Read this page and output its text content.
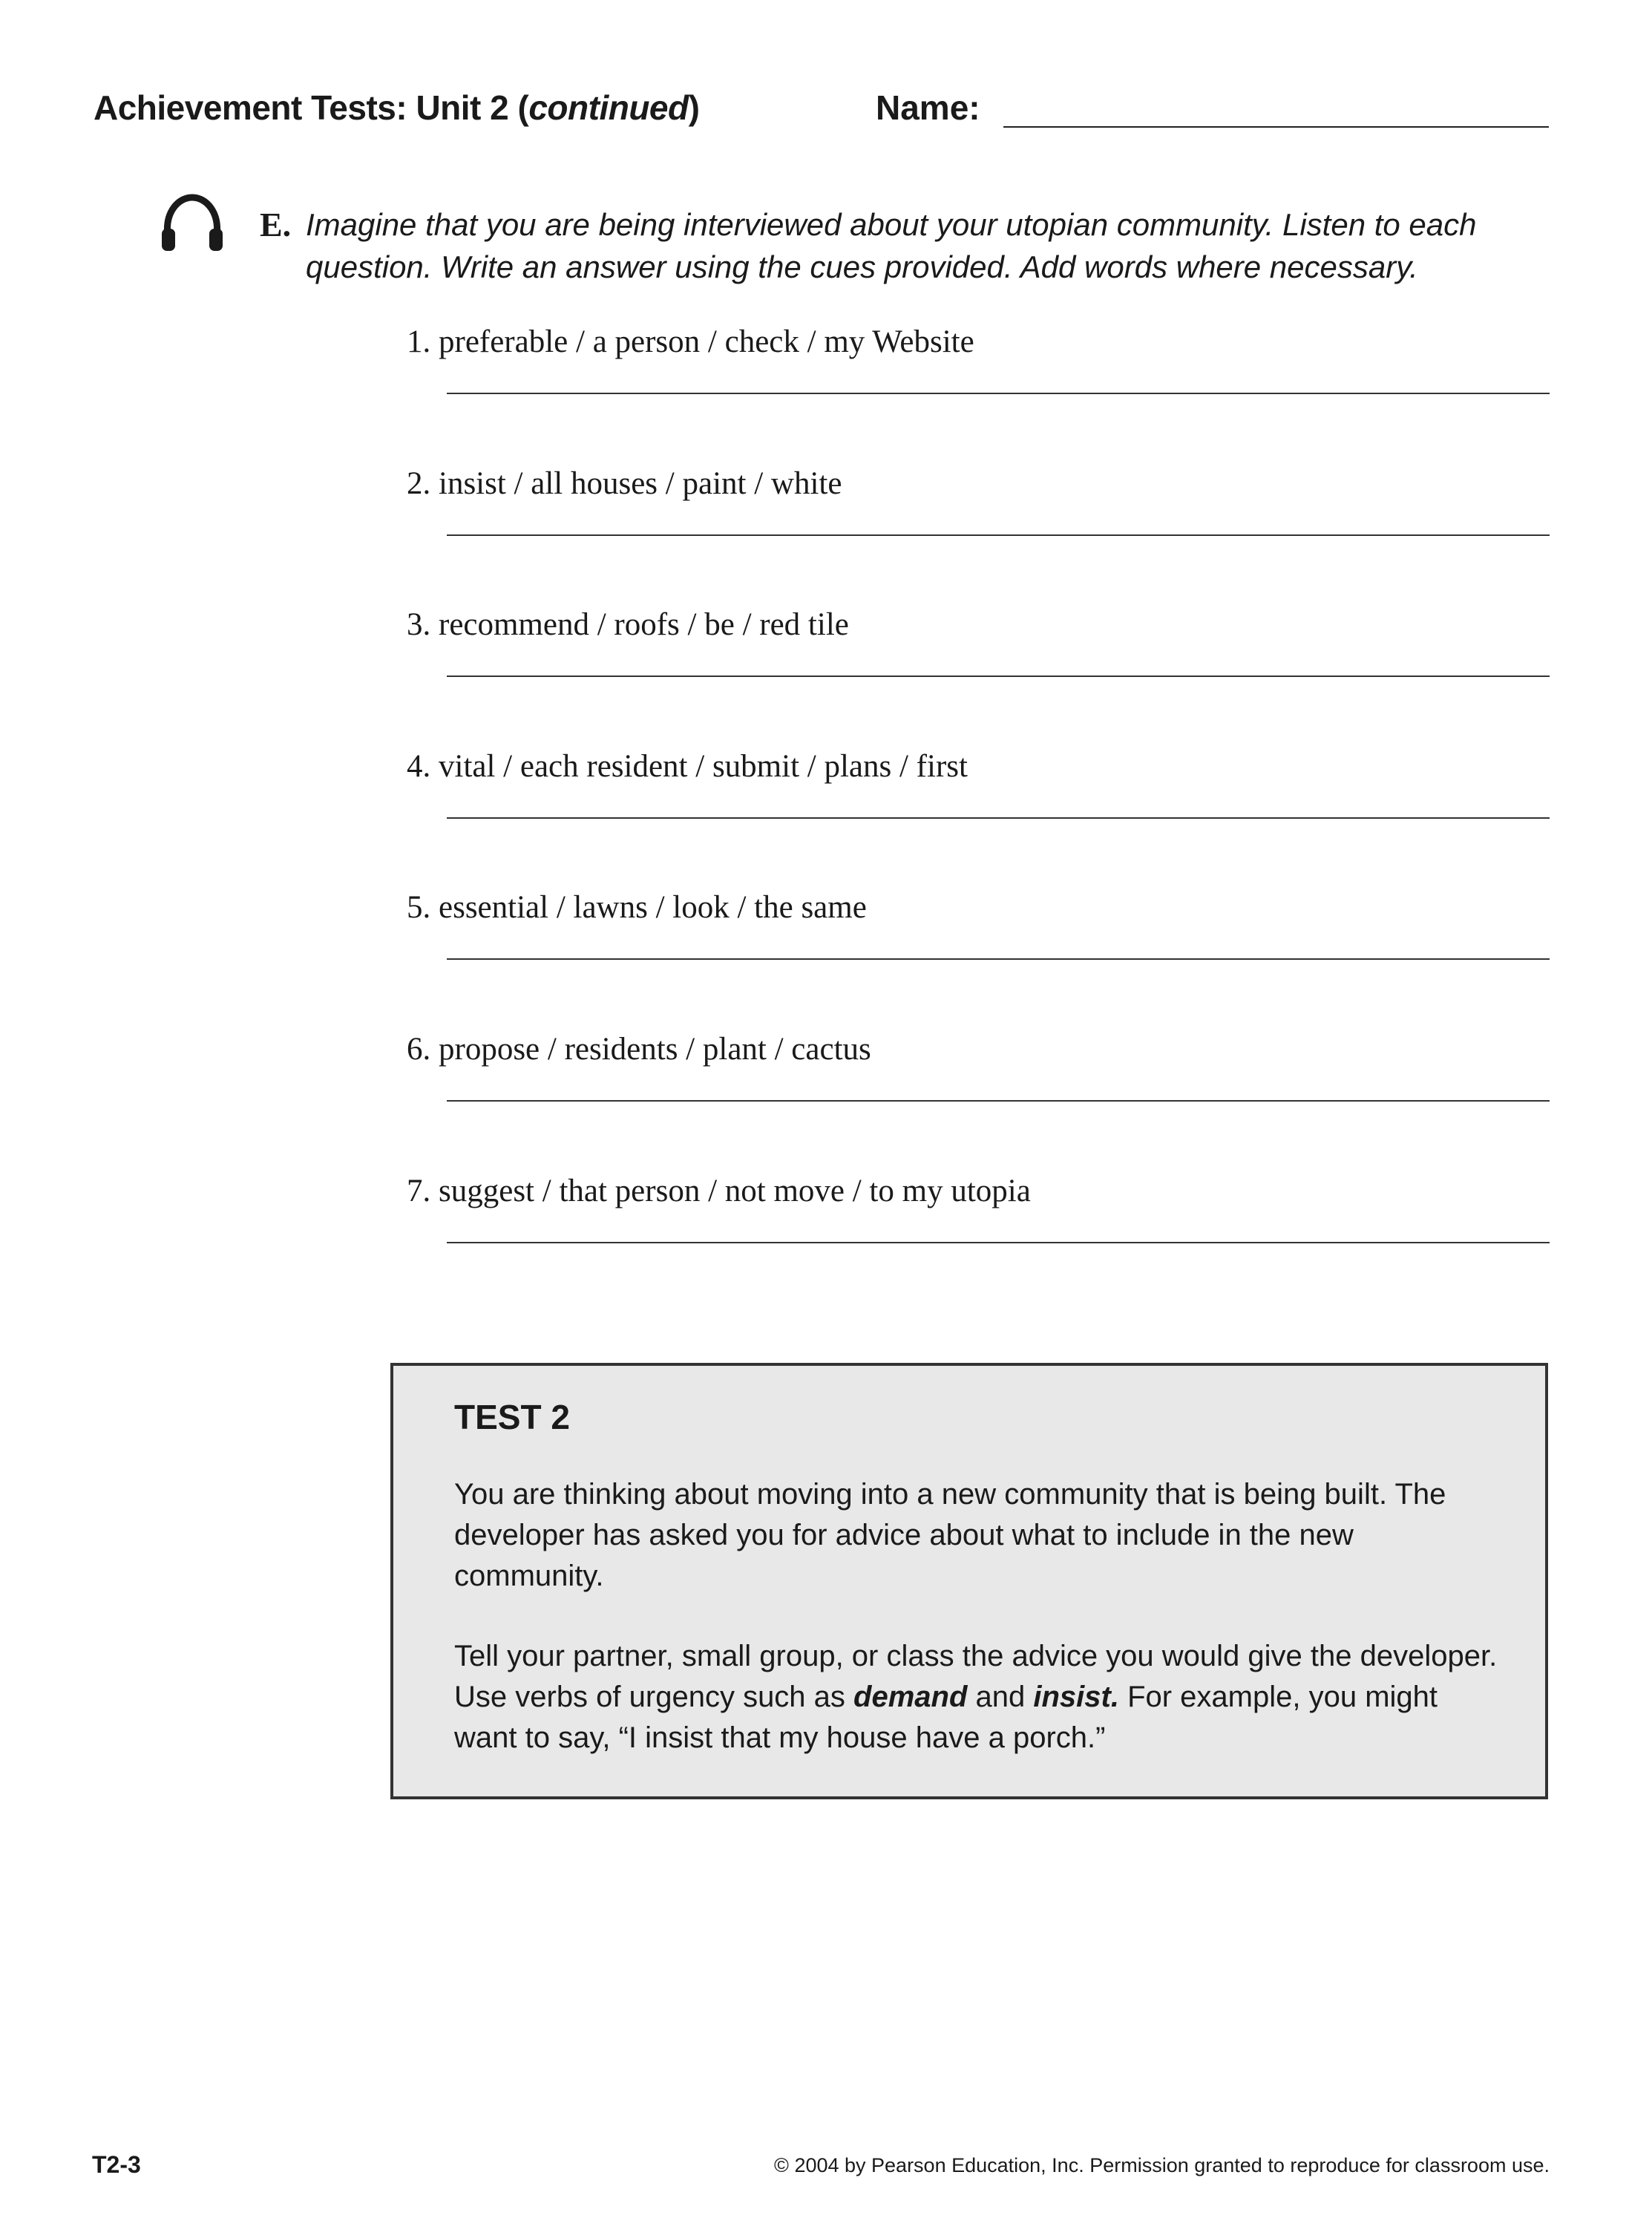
Achievement Tests: Unit 2 (continued)	Name:
E. Imagine that you are being interviewed about your utopian community. Listen to each question. Write an answer using the cues provided. Add words where necessary.
1. preferable / a person / check / my Website
2. insist / all houses / paint / white
3. recommend / roofs / be / red tile
4. vital / each resident / submit / plans / first
5. essential / lawns / look / the same
6. propose / residents / plant / cactus
7. suggest / that person / not move / to my utopia
TEST 2

You are thinking about moving into a new community that is being built. The developer has asked you for advice about what to include in the new community.

Tell your partner, small group, or class the advice you would give the developer. Use verbs of urgency such as demand and insist. For example, you might want to say, “I insist that my house have a porch.”

T2-3	© 2004 by Pearson Education, Inc. Permission granted to reproduce for classroom use.
